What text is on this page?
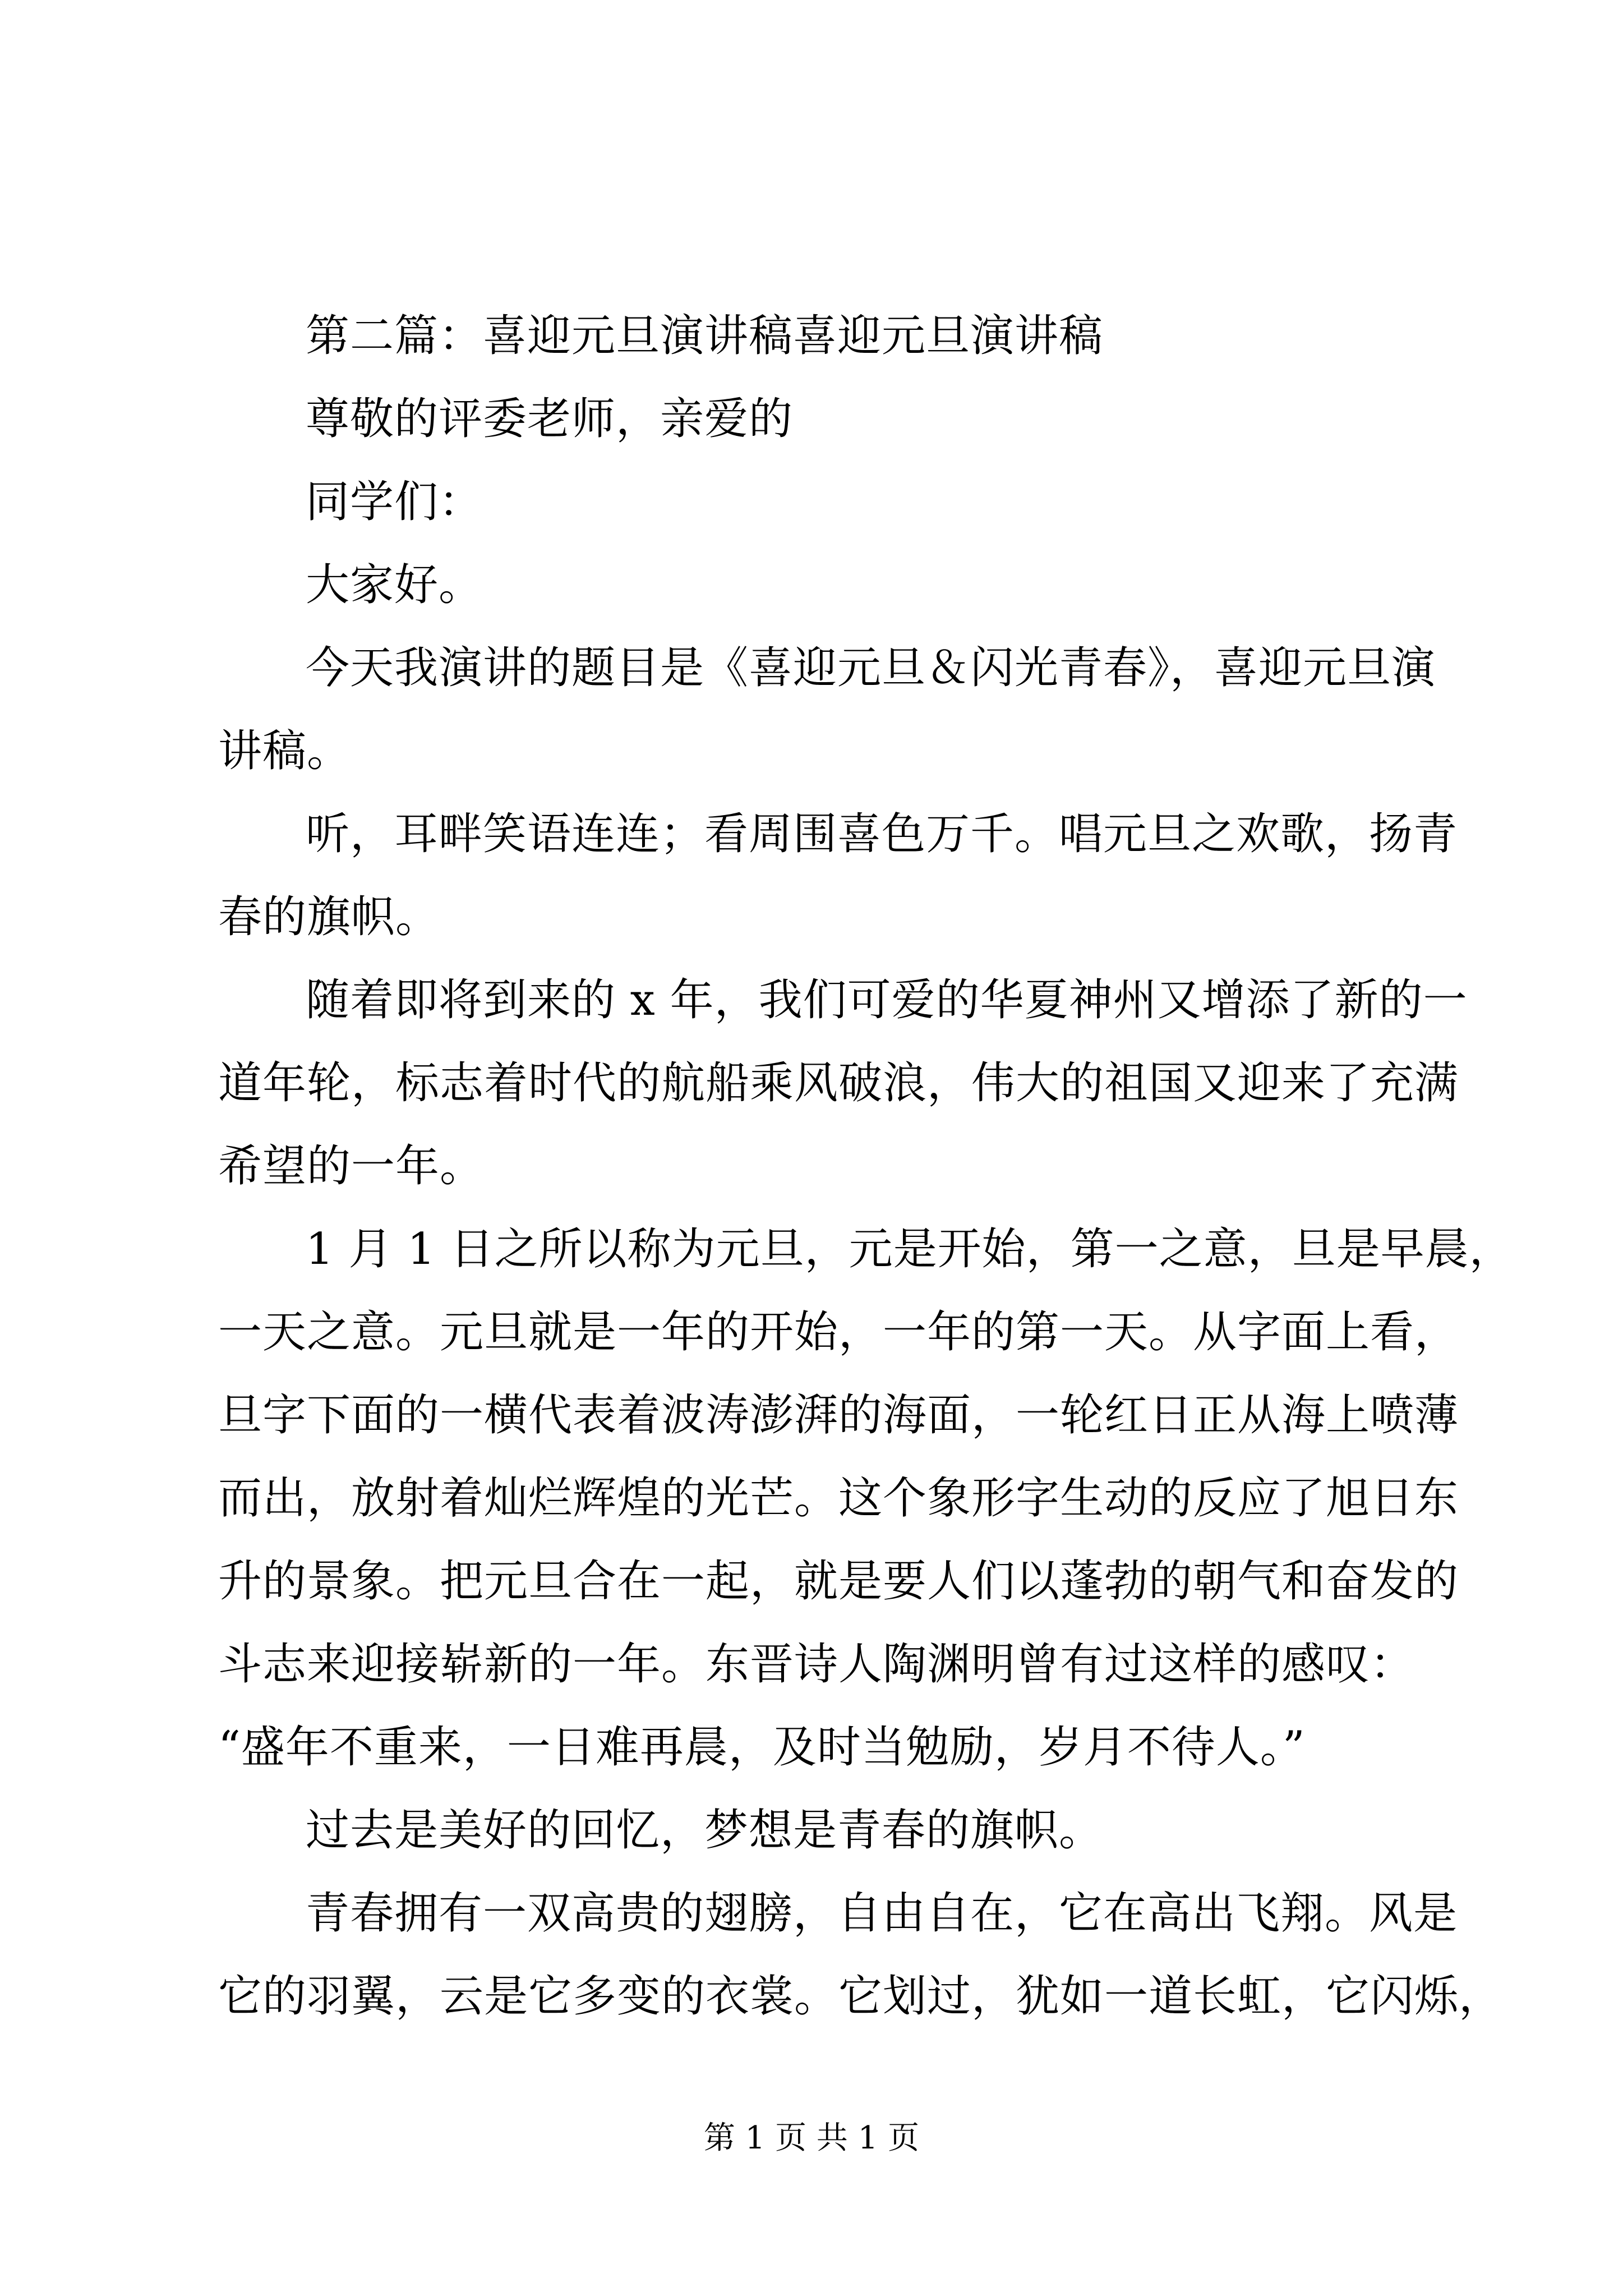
第二篇：喜迎元旦演讲稿喜迎元旦演讲稿
尊敬的评委老师，亲爱的
同学们：
大家好。
今天我演讲的题目是《喜迎元旦＆闪光青春》，喜迎元旦演
讲稿。
听，耳畔笑语连连；看周围喜色万千。唱元旦之欢歌，扬青
春的旗帜。
随着即将到来的 x 年，我们可爱的华夏神州又增添了新的一
道年轮，标志着时代的航船乘风破浪，伟大的祖国又迎来了充满
希望的一年。
1 月 1 日之所以称为元旦，元是开始，第一之意，旦是早晨，
一天之意。元旦就是一年的开始，一年的第一天。从字面上看，
旦字下面的一横代表着波涛澎湃的海面，一轮红日正从海上喷薄
而出，放射着灿烂辉煌的光芒。这个象形字生动的反应了旭日东
升的景象。把元旦合在一起，就是要人们以蓬勃的朝气和奋发的
斗志来迎接崭新的一年。东晋诗人陶渊明曾有过这样的感叹：
“盛年不重来，一日难再晨，及时当勉励，岁月不待人。”
过去是美好的回忆，梦想是青春的旗帜。
青春拥有一双高贵的翅膀，自由自在，它在高出飞翔。风是
它的羽翼，云是它多变的衣裳。它划过，犹如一道长虹，它闪烁，
第 1 页 共 1 页
